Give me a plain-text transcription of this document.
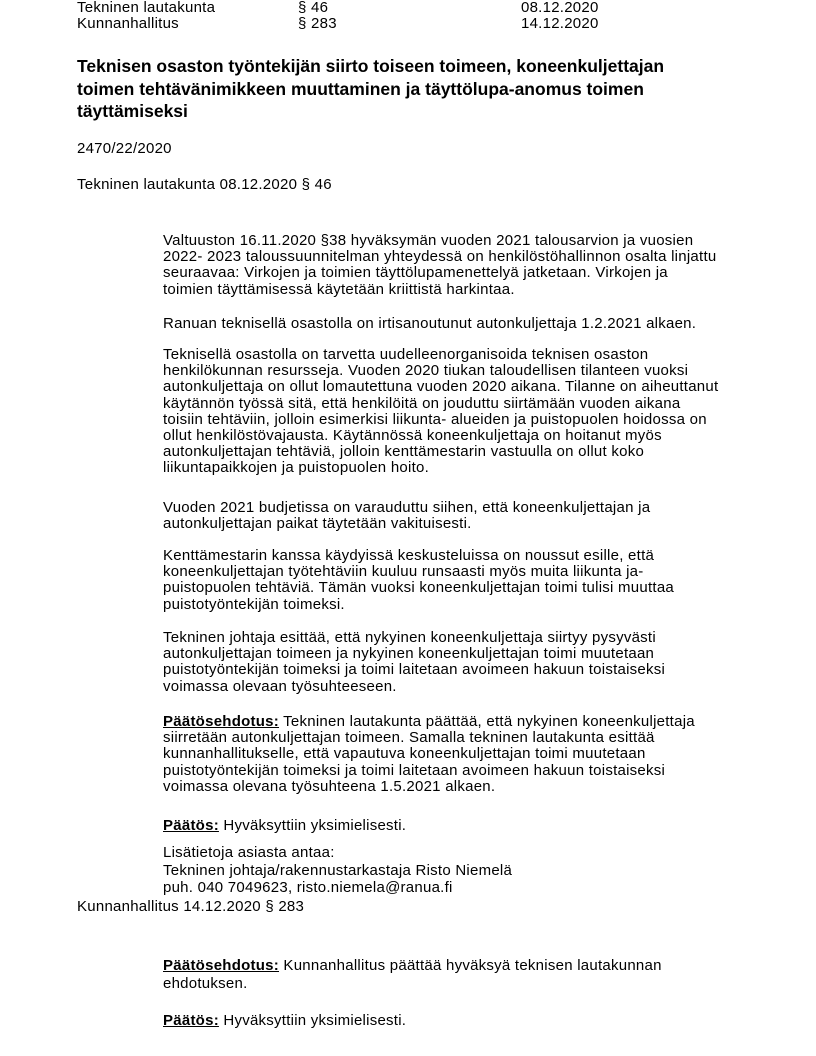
Tekninen lautakunta	§ 46	08.12.2020
Kunnanhallitus	§ 283	14.12.2020
Teknisen osaston työntekijän siirto toiseen toimeen, koneenkuljettajan
toimen tehtävänimikkeen muuttaminen ja täyttölupa-anomus toimen
täyttämiseksi
2470/22/2020
Tekninen lautakunta 08.12.2020 § 46
Valtuuston 16.11.2020 §38 hyväksymän vuoden 2021 talousarvion ja vuosien
2022- 2023 taloussuunnitelman yhteydessä on henkilöstöhallinnon osalta linjattu
seuraavaa: Virkojen ja toimien täyttölupamenettelyä jatketaan. Virkojen ja
toimien täyttämisessä käytetään kriittistä harkintaa.
Ranuan teknisellä osastolla on irtisanoutunut autonkuljettaja 1.2.2021 alkaen.
Teknisellä osastolla on tarvetta uudelleenorganisoida teknisen osaston
henkilökunnan resursseja. Vuoden 2020 tiukan taloudellisen tilanteen vuoksi
autonkuljettaja on ollut lomautettuna vuoden 2020 aikana. Tilanne on aiheuttanut
käytännön työssä sitä, että henkilöitä on jouduttu siirtämään vuoden aikana
toisiin tehtäviin, jolloin esimerkisi liikunta- alueiden ja puistopuolen hoidossa on
ollut henkilöstövajausta. Käytännössä koneenkuljettaja on hoitanut myös
autonkuljettajan tehtäviä, jolloin kenttämestarin vastuulla on ollut koko
liikuntapaikkojen ja puistopuolen hoito.
Vuoden 2021 budjetissa on varauduttu siihen, että koneenkuljettajan ja
autonkuljettajan paikat täytetään vakituisesti.
Kenttämestarin kanssa käydyissä keskusteluissa on noussut esille, että
koneenkuljettajan työtehtäviin kuuluu runsaasti myös muita liikunta ja-
puistopuolen tehtäviä. Tämän vuoksi koneenkuljettajan toimi tulisi muuttaa
puistotyöntekijän toimeksi.
Tekninen johtaja esittää, että nykyinen koneenkuljettaja siirtyy pysyvästi
autonkuljettajan toimeen ja nykyinen koneenkuljettajan toimi muutetaan
puistotyöntekijän toimeksi ja toimi laitetaan avoimeen hakuun toistaiseksi
voimassa olevaan työsuhteeseen.
Päätösehdotus: Tekninen lautakunta päättää, että nykyinen koneenkuljettaja
siirretään autonkuljettajan toimeen. Samalla tekninen lautakunta esittää
kunnanhallitukselle, että vapautuva koneenkuljettajan toimi muutetaan
puistotyöntekijän toimeksi ja toimi laitetaan avoimeen hakuun toistaiseksi
voimassa olevana työsuhteena 1.5.2021 alkaen.
Päätös: Hyväksyttiin yksimielisesti.
Lisätietoja asiasta antaa:
Tekninen johtaja/rakennustarkastaja Risto Niemelä
puh. 040 7049623, risto.niemela@ranua.fi
Kunnanhallitus 14.12.2020 § 283
Päätösehdotus: Kunnanhallitus päättää hyväksyä teknisen lautakunnan
ehdotuksen.
Päätös: Hyväksyttiin yksimielisesti.
